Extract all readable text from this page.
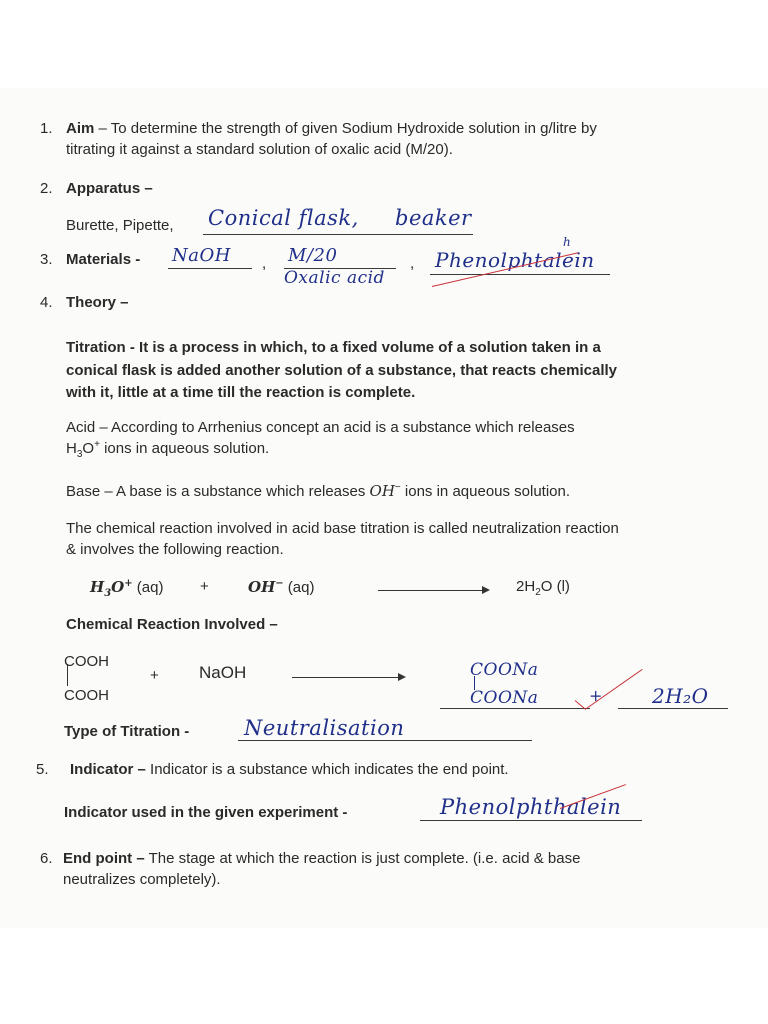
1. Aim – To determine the strength of given Sodium Hydroxide solution in g/litre by
titrating it against a standard solution of oxalic acid (M/20).
2. Apparatus –
Burette, Pipette, Conical flask, beaker
3. Materials - NaOH , M/20
Oxalic acid
, Phenolphtalein
h
4. Theory –
Titration - It is a process in which, to a fixed volume of a solution taken in a
conical flask is added another solution of a substance, that reacts chemically
with it, little at a time till the reaction is complete.
Acid – According to Arrhenius concept an acid is a substance which releases
$H_3O^+$ ions in aqueous solution.
Base – A base is a substance which releases OH− ions in aqueous solution.
The chemical reaction involved in acid base titration is called neutralization reaction
& involves the following reaction.
$H_3O^+$ (aq) +	OH− (aq)	$2H_2O$ (l)
Chemical Reaction Involved –
COOH
COOH
+ NaOH	COONa
COONa	+ 2H₂O
Type of Titration -	Neutralisation
5. Indicator – Indicator is a substance which indicates the end point.
Indicator used in the given experiment -	Phenolphthalein
6. End point – The stage at which the reaction is just complete. (i.e. acid & base
neutralizes completely).
